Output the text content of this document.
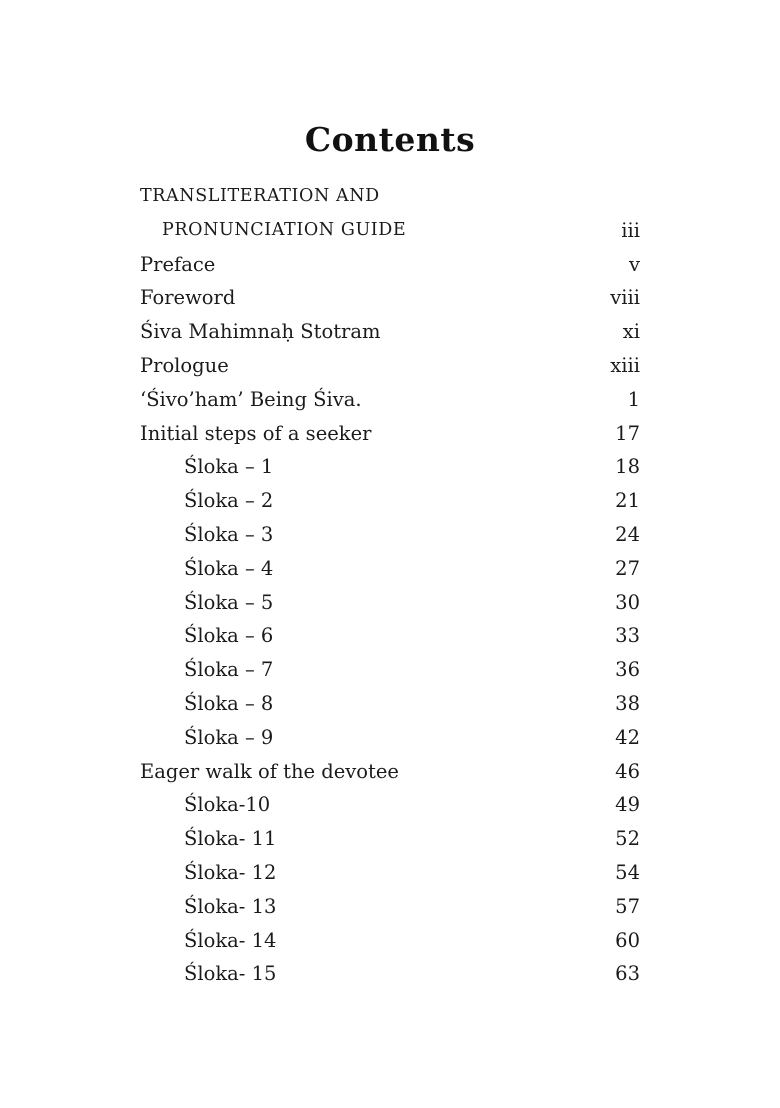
Contents
TRANSLITERATION AND
PRONUNCIATION GUIDE	iii
Preface	v
Foreword	viii
Śiva Mahimnaḥ Stotram	xi
Prologue	xiii
‘Śivo’ham’ Being Śiva.	1
Initial steps of a seeker	17
Śloka – 1	18
Śloka – 2	21
Śloka – 3	24
Śloka – 4	27
Śloka – 5	30
Śloka – 6	33
Śloka – 7	36
Śloka – 8	38
Śloka – 9	42
Eager walk of the devotee	46
Śloka-10	49
Śloka- 11	52
Śloka- 12	54
Śloka- 13	57
Śloka- 14	60
Śloka- 15	63
